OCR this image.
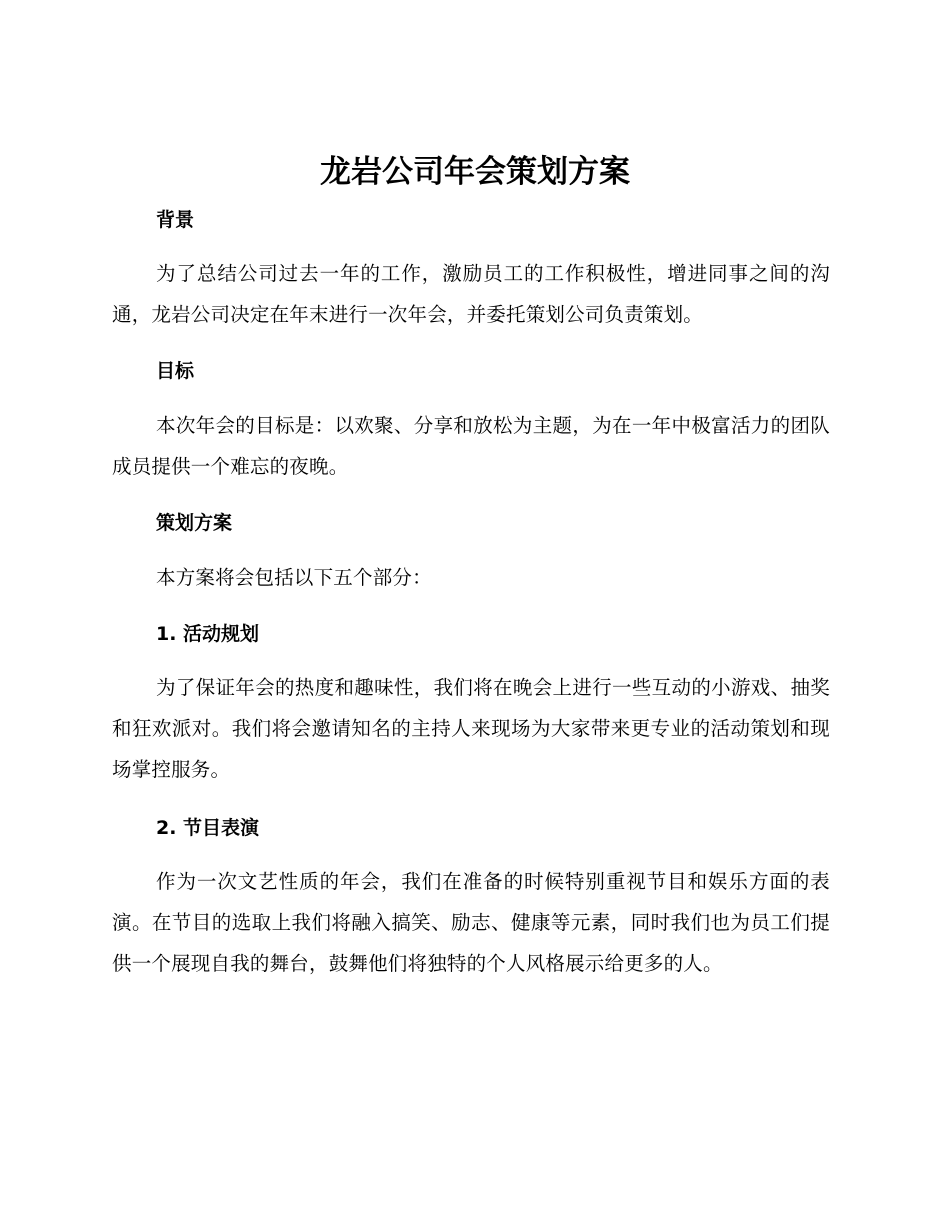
龙岩公司年会策划方案
背景

为了总结公司过去一年的工作，激励员工的工作积极性，增进同事之间的沟通，龙岩公司决定在年末进行一次年会，并委托策划公司负责策划。

目标

本次年会的目标是：以欢聚、分享和放松为主题，为在一年中极富活力的团队成员提供一个难忘的夜晚。

策划方案

本方案将会包括以下五个部分：

1. 活动规划

为了保证年会的热度和趣味性，我们将在晚会上进行一些互动的小游戏、抽奖和狂欢派对。我们将会邀请知名的主持人来现场为大家带来更专业的活动策划和现场掌控服务。

2. 节目表演

作为一次文艺性质的年会，我们在准备的时候特别重视节目和娱乐方面的表演。在节目的选取上我们将融入搞笑、励志、健康等元素，同时我们也为员工们提供一个展现自我的舞台，鼓舞他们将独特的个人风格展示给更多的人。
